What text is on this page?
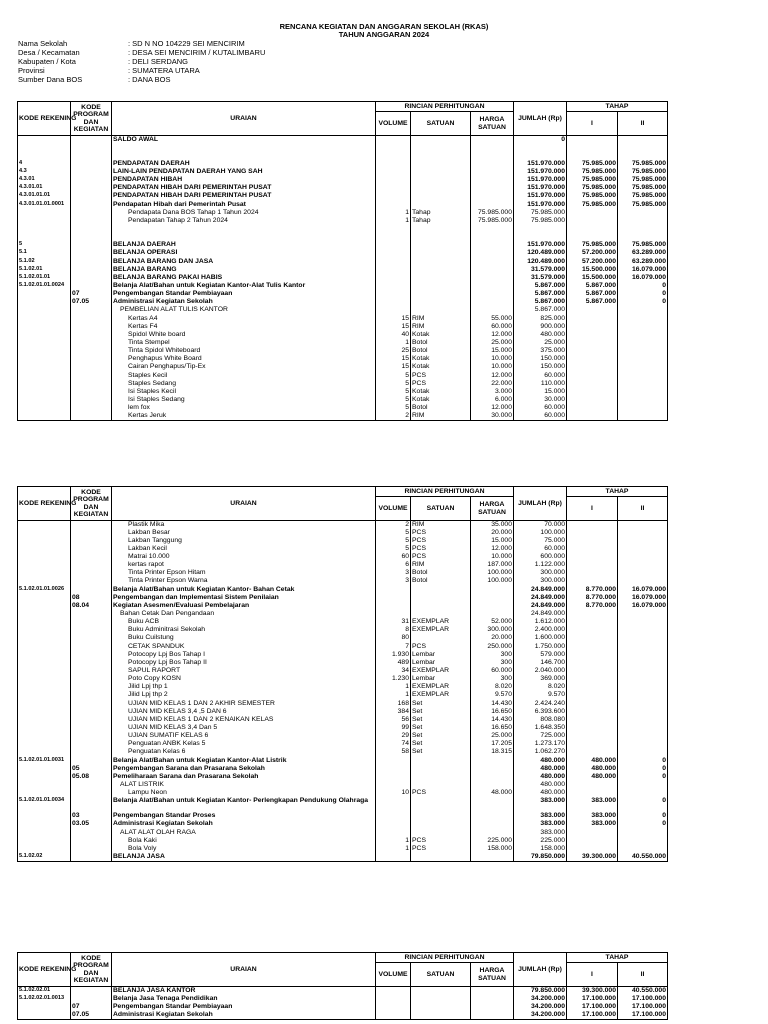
RENCANA KEGIATAN DAN ANGGARAN SEKOLAH (RKAS)
TAHUN ANGGARAN 2024
Nama Sekolah	: SD N NO 104229 SEI MENCIRIM
Desa / Kecamatan	: DESA SEI MENCIRIM / KUTALIMBARU
Kabupaten / Kota	: DELI SERDANG
Provinsi	: SUMATERA UTARA
Sumber Dana BOS	: DANA BOS
KODE REKENING	KODE PROGRAM DAN KEGIATAN	URAIAN	RINCIAN PERHITUNGAN			JUMLAH (Rp)	TAHAP	
			VOLUME	SATUAN	HARGA SATUAN		I	II

		SALDO AWAL				0		

4		PENDAPATAN DAERAH				151.970.000	75.985.000	75.985.000
4.3		LAIN-LAIN PENDAPATAN DAERAH YANG SAH				151.970.000	75.985.000	75.985.000
4.3.01		PENDAPATAN HIBAH				151.970.000	75.985.000	75.985.000
4.3.01.01		PENDAPATAN HIBAH DARI PEMERINTAH PUSAT				151.970.000	75.985.000	75.985.000
4.3.01.01.01		PENDAPATAN HIBAH DARI PEMERINTAH PUSAT				151.970.000	75.985.000	75.985.000
4.3.01.01.01.0001		Pendapatan Hibah dari Pemerintah Pusat				151.970.000	75.985.000	75.985.000
		Pendapata Dana BOS Tahap 1 Tahun 2024	1	Tahap	75.985.000	75.985.000		
		Pendapatan Tahap 2 Tahun 2024	1	Tahap	75.985.000	75.985.000		

5		BELANJA DAERAH				151.970.000	75.985.000	75.985.000
5.1		BELANJA OPERASI				120.489.000	57.200.000	63.289.000
5.1.02		BELANJA BARANG DAN JASA				120.489.000	57.200.000	63.289.000
5.1.02.01		BELANJA BARANG				31.579.000	15.500.000	16.079.000
5.1.02.01.01		BELANJA BARANG PAKAI HABIS				31.579.000	15.500.000	16.079.000
5.1.02.01.01.0024		Belanja Alat/Bahan untuk Kegiatan Kantor-Alat Tulis Kantor				5.867.000	5.867.000	0
	07	Pengembangan Standar Pembiayaan				5.867.000	5.867.000	0
	07.05	Administrasi Kegiatan Sekolah				5.867.000	5.867.000	0
		PEMBELIAN ALAT TULIS KANTOR				5.867.000		
		Kertas A4	15	RIM	55.000	825.000		
		Kertas F4	15	RIM	60.000	900.000		
		Spidol White board	40	Kotak	12.000	480.000		
		Tinta Stempel	1	Botol	25.000	25.000		
		Tinta Spidol Whiteboard	25	Botol	15.000	375.000		
		Penghapus White Board	15	Kotak	10.000	150.000		
		Cairan Penghapus/Tip-Ex	15	Kotak	10.000	150.000		
		Staples Kecil	5	PCS	12.000	60.000		
		Staples Sedang	5	PCS	22.000	110.000		
		Isi Staples Kecil	5	Kotak	3.000	15.000		
		Isi Staples Sedang	5	Kotak	6.000	30.000		
		lem fox	5	Botol	12.000	60.000		
		Kertas Jeruk	2	RIM	30.000	60.000		
KODE REKENING	KODE PROGRAM DAN KEGIATAN	URAIAN	RINCIAN PERHITUNGAN			JUMLAH (Rp)	TAHAP	
			VOLUME	SATUAN	HARGA SATUAN		I	II

		Plastik Mika	2	RIM	35.000	70.000		
		Lakban Besar	5	PCS	20.000	100.000		
		Lakban Tanggung	5	PCS	15.000	75.000		
		Lakban Kecil	5	PCS	12.000	60.000		
		Matrai 10.000	60	PCS	10.000	600.000		
		kertas rapot	6	RIM	187.000	1.122.000		
		Tinta Printer Epson Hitam	3	Botol	100.000	300.000		
		Tinta Printer Epson Warna	3	Botol	100.000	300.000		
5.1.02.01.01.0026		Belanja Alat/Bahan untuk Kegiatan Kantor- Bahan Cetak				24.849.000	8.770.000	16.079.000
	08	Pengembangan dan Implementasi Sistem Penilaian				24.849.000	8.770.000	16.079.000
	08.04	Kegiatan Asesmen/Evaluasi Pembelajaran				24.849.000	8.770.000	16.079.000
		Bahan Cetak Dan Pengandaan				24.849.000		
		Buku ACB	31	EXEMPLAR	52.000	1.612.000		
		Buku Adminitrasi Sekolah	8	EXEMPLAR	300.000	2.400.000		
		Buku Cuilstung	80		20.000	1.600.000		
		CETAK SPANDUK	7	PCS	250.000	1.750.000		
		Potocopy Lpj Bos Tahap I	1.930	Lembar	300	579.000		
		Potocopy Lpj Bos Tahap II	489	Lembar	300	146.700		
		SAPUL RAPORT	34	EXEMPLAR	60.000	2.040.000		
		Poto Copy KOSN	1.230	Lembar	300	369.000		
		Jilid Lpj thp 1	1	EXEMPLAR	8.020	8.020		
		Jilid Lpj thp 2	1	EXEMPLAR	9.570	9.570		
		UJIAN MID KELAS 1 DAN 2 AKHIR SEMESTER	168	Set	14.430	2.424.240		
		UJIAN MID KELAS 3,4 ,5 DAN 6	384	Set	16.650	6.393.600		
		UJIAN MID KELAS 1 DAN 2 KENAIKAN KELAS	56	Set	14.430	808.080		
		UJIAN MID KELAS 3,4 Dan 5	99	Set	16.650	1.648.350		
		UJIAN SUMATIF KELAS 6	29	Set	25.000	725.000		
		Penguatan ANBK Kelas 5	74	Set	17.205	1.273.170		
		Penguatan Kelas 6	58	Set	18.315	1.062.270		
5.1.02.01.01.0031		Belanja Alat/Bahan untuk Kegiatan Kantor-Alat Listrik				480.000	480.000	0
	05	Pengembangan Sarana dan Prasarana Sekolah				480.000	480.000	0
	05.08	Pemeliharaan Sarana dan Prasarana Sekolah				480.000	480.000	0
		ALAT LISTRIK				480.000		
		Lampu Neon	10	PCS	48.000	480.000		
5.1.02.01.01.0034		Belanja Alat/Bahan untuk Kegiatan Kantor- Perlengkapan Pendukung Olahraga				383.000	383.000	0
	03	Pengembangan Standar Proses				383.000	383.000	0
	03.05	Administrasi Kegiatan Sekolah				383.000	383.000	0
		ALAT ALAT OLAH RAGA				383.000		
		Bola Kaki	1	PCS	225.000	225.000		
		Bola Voly	1	PCS	158.000	158.000		
5.1.02.02		BELANJA JASA				79.850.000	39.300.000	40.550.000
KODE REKENING	KODE PROGRAM DAN KEGIATAN	URAIAN	RINCIAN PERHITUNGAN			JUMLAH (Rp)	TAHAP	
			VOLUME	SATUAN	HARGA SATUAN		I	II

5.1.02.02.01		BELANJA JASA KANTOR				79.850.000	39.300.000	40.550.000
5.1.02.02.01.0013		Belanja Jasa Tenaga Pendidikan				34.200.000	17.100.000	17.100.000
	07	Pengembangan Standar Pembiayaan				34.200.000	17.100.000	17.100.000
	07.05	Administrasi Kegiatan Sekolah				34.200.000	17.100.000	17.100.000
